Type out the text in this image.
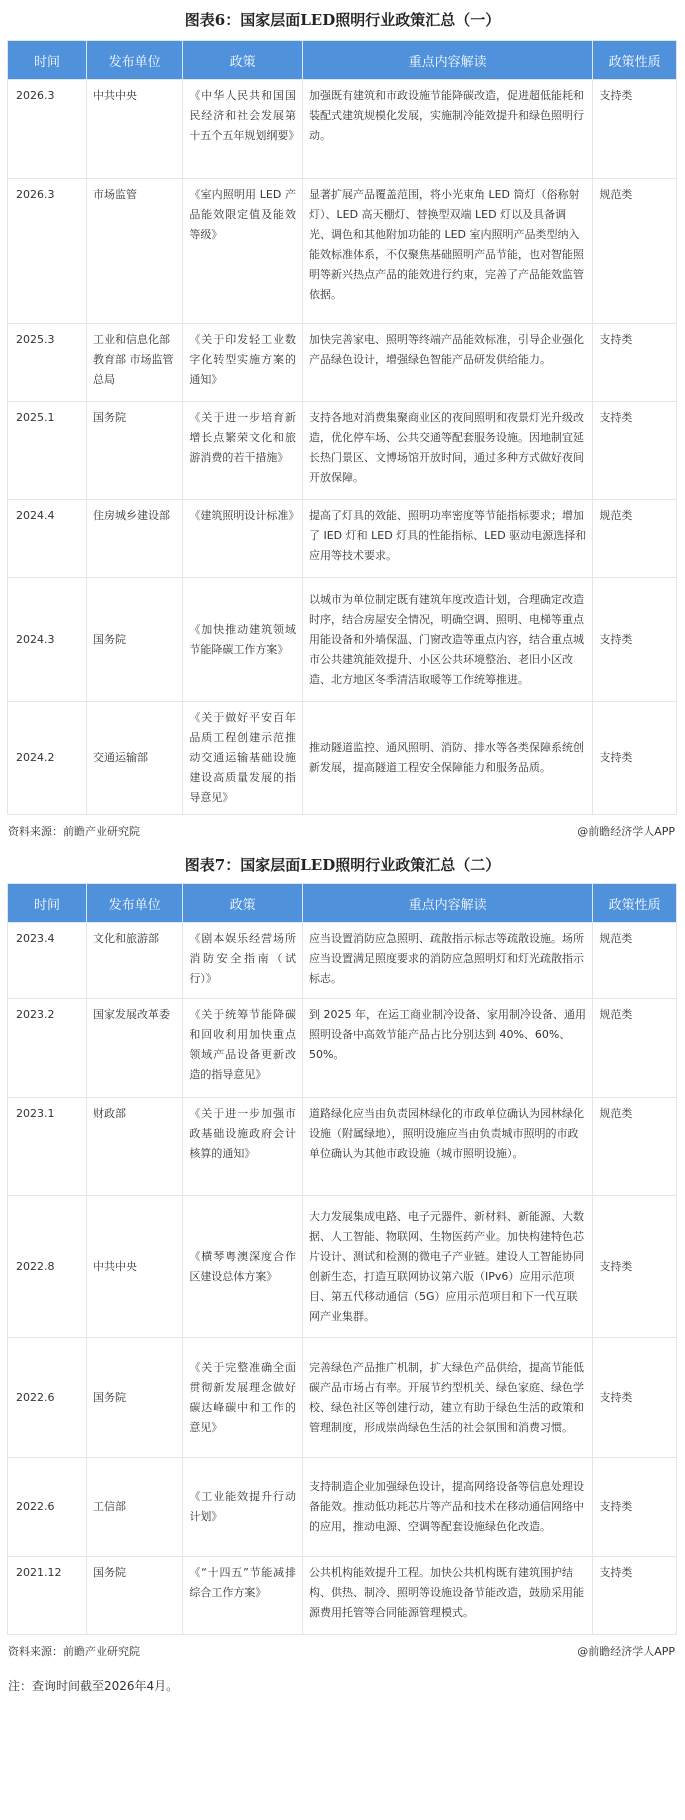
图表6：国家层面LED照明行业政策汇总（一）
时间	发布单位	政策	重点内容解读	政策性质
2026.3	中共中央	《中华人民共和国国民经济和社会发展第十五个五年规划纲要》	加强既有建筑和市政设施节能降碳改造，促进超低能耗和装配式建筑规模化发展，实施制冷能效提升和绿色照明行动。	支持类
2026.3	市场监管	《室内照明用 LED 产品能效限定值及能效等级》	显著扩展产品覆盖范围，将小光束角 LED 筒灯（俗称射灯）、LED 高天棚灯、替换型双端 LED 灯以及具备调光、调色和其他附加功能的 LED 室内照明产品类型纳入能效标准体系，不仅聚焦基础照明产品节能，也对智能照明等新兴热点产品的能效进行约束，完善了产品能效监管依据。	规范类
2025.3	工业和信息化部 教育部 市场监管总局	《关于印发轻工业数字化转型实施方案的通知》	加快完善家电、照明等终端产品能效标准，引导企业强化产品绿色设计，增强绿色智能产品研发供给能力。	支持类
2025.1	国务院	《关于进一步培育新增长点繁荣文化和旅游消费的若干措施》	支持各地对消费集聚商业区的夜间照明和夜景灯光升级改造，优化停车场、公共交通等配套服务设施。因地制宜延长热门景区、文博场馆开放时间，通过多种方式做好夜间开放保障。	支持类
2024.4	住房城乡建设部	《建筑照明设计标准》	提高了灯具的效能、照明功率密度等节能指标要求；增加了 IED 灯和 LED 灯具的性能指标、LED 驱动电源选择和应用等技术要求。	规范类
2024.3	国务院	《加快推动建筑领域节能降碳工作方案》	以城市为单位制定既有建筑年度改造计划，合理确定改造时序，结合房屋安全情况，明确空调、照明、电梯等重点用能设备和外墙保温、门窗改造等重点内容，结合重点城市公共建筑能效提升、小区公共环境整治、老旧小区改造、北方地区冬季清洁取暖等工作统筹推进。	支持类
2024.2	交通运输部	《关于做好平安百年品质工程创建示范推动交通运输基础设施建设高质量发展的指导意见》	推动隧道监控、通风照明、消防、排水等各类保障系统创新发展，提高隧道工程安全保障能力和服务品质。	支持类
资料来源：前瞻产业研究院	@前瞻经济学人APP
图表7：国家层面LED照明行业政策汇总（二）
时间	发布单位	政策	重点内容解读	政策性质
2023.4	文化和旅游部	《剧本娱乐经营场所消防安全指南（试行）》	应当设置消防应急照明、疏散指示标志等疏散设施。场所应当设置满足照度要求的消防应急照明灯和灯光疏散指示标志。	规范类
2023.2	国家发展改革委	《关于统筹节能降碳和回收利用加快重点领域产品设备更新改造的指导意见》	到 2025 年，在运工商业制冷设备、家用制冷设备、通用照明设备中高效节能产品占比分别达到 40%、60%、50%。	规范类
2023.1	财政部	《关于进一步加强市政基础设施政府会计核算的通知》	道路绿化应当由负责园林绿化的市政单位确认为园林绿化设施（附属绿地），照明设施应当由负责城市照明的市政单位确认为其他市政设施（城市照明设施）。	规范类
2022.8	中共中央	《横琴粤澳深度合作区建设总体方案》	大力发展集成电路、电子元器件、新材料、新能源、大数据、人工智能、物联网、生物医药产业。加快构建特色芯片设计、测试和检测的微电子产业链。建设人工智能协同创新生态，打造互联网协议第六版（IPv6）应用示范项目、第五代移动通信（5G）应用示范项目和下一代互联网产业集群。	支持类
2022.6	国务院	《关于完整准确全面贯彻新发展理念做好碳达峰碳中和工作的意见》	完善绿色产品推广机制，扩大绿色产品供给，提高节能低碳产品市场占有率。开展节约型机关、绿色家庭、绿色学校、绿色社区等创建行动，建立有助于绿色生活的政策和管理制度，形成崇尚绿色生活的社会氛围和消费习惯。	支持类
2022.6	工信部	《工业能效提升行动计划》	支持制造企业加强绿色设计，提高网络设备等信息处理设备能效。推动低功耗芯片等产品和技术在移动通信网络中的应用，推动电源、空调等配套设施绿色化改造。	支持类
2021.12	国务院	《“十四五”节能减排综合工作方案》	公共机构能效提升工程。加快公共机构既有建筑围护结构、供热、制冷、照明等设施设备节能改造，鼓励采用能源费用托管等合同能源管理模式。	支持类
资料来源：前瞻产业研究院	@前瞻经济学人APP
注：查询时间截至2026年4月。
